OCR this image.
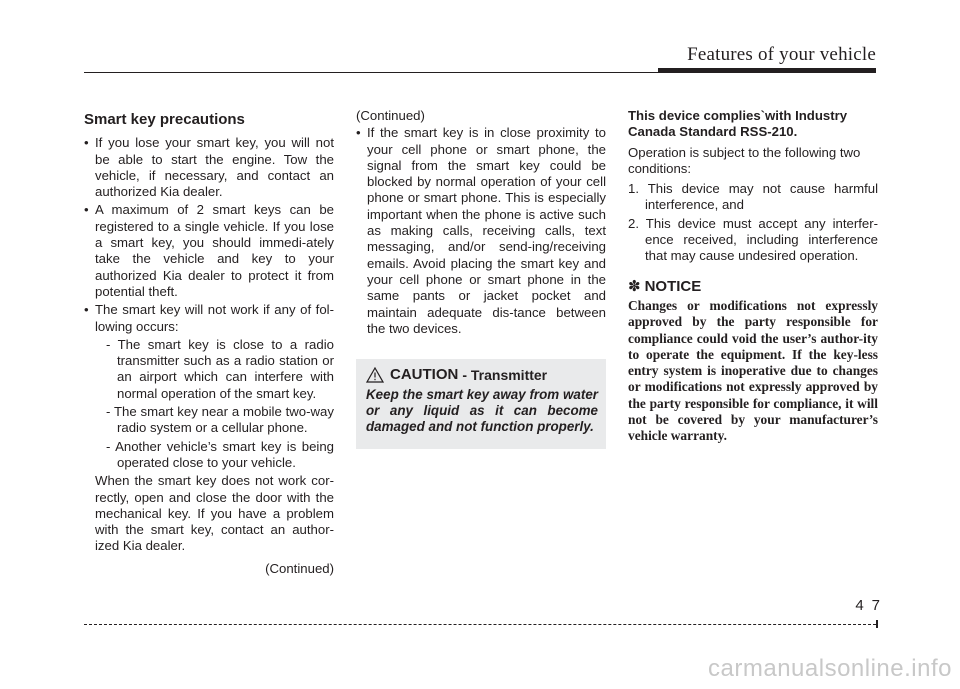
Features of your vehicle
Smart key precautions
• If you lose your smart key, you will not be able to start the engine. Tow the vehicle, if necessary, and contact an authorized Kia dealer.
• A maximum of 2 smart keys can be registered to a single vehicle. If you lose a smart key, you should immedi-ately take the vehicle and key to your authorized Kia dealer to protect it from potential theft.
• The smart key will not work if any of fol-lowing occurs:
- The smart key is close to a radio transmitter such as a radio station or an airport which can interfere with normal operation of the smart key.
- The smart key near a mobile two-way radio system or a cellular phone.
- Another vehicle’s smart key is being operated close to your vehicle.
When the smart key does not work cor-rectly, open and close the door with the mechanical key. If you have a problem with the smart key, contact an author-ized Kia dealer.
(Continued)
(Continued)
• If the smart key is in close proximity to your cell phone or smart phone, the signal from the smart key could be blocked by normal operation of your cell phone or smart phone. This is especially important when the phone is active such as making calls, receiving calls, text messaging, and/or send-ing/receiving emails. Avoid placing the smart key and your cell phone or smart phone in the same pants or jacket pocket and maintain adequate dis-tance between the two devices.
CAUTION - Transmitter
Keep the smart key away from water or any liquid as it can become damaged and not function properly.
This device complies`with Industry Canada Standard RSS-210.
Operation is subject to the following two conditions:
1. This device may not cause harmful interference, and
2. This device must accept any interfer-ence received, including interference that may cause undesired operation.
✽ NOTICE
Changes or modifications not expressly approved by the party responsible for compliance could void the user’s author-ity to operate the equipment. If the key-less entry system is inoperative due to changes or modifications not expressly approved by the party responsible for compliance, it will not be covered by your manufacturer’s vehicle warranty.
47
carmanualsonline.info
